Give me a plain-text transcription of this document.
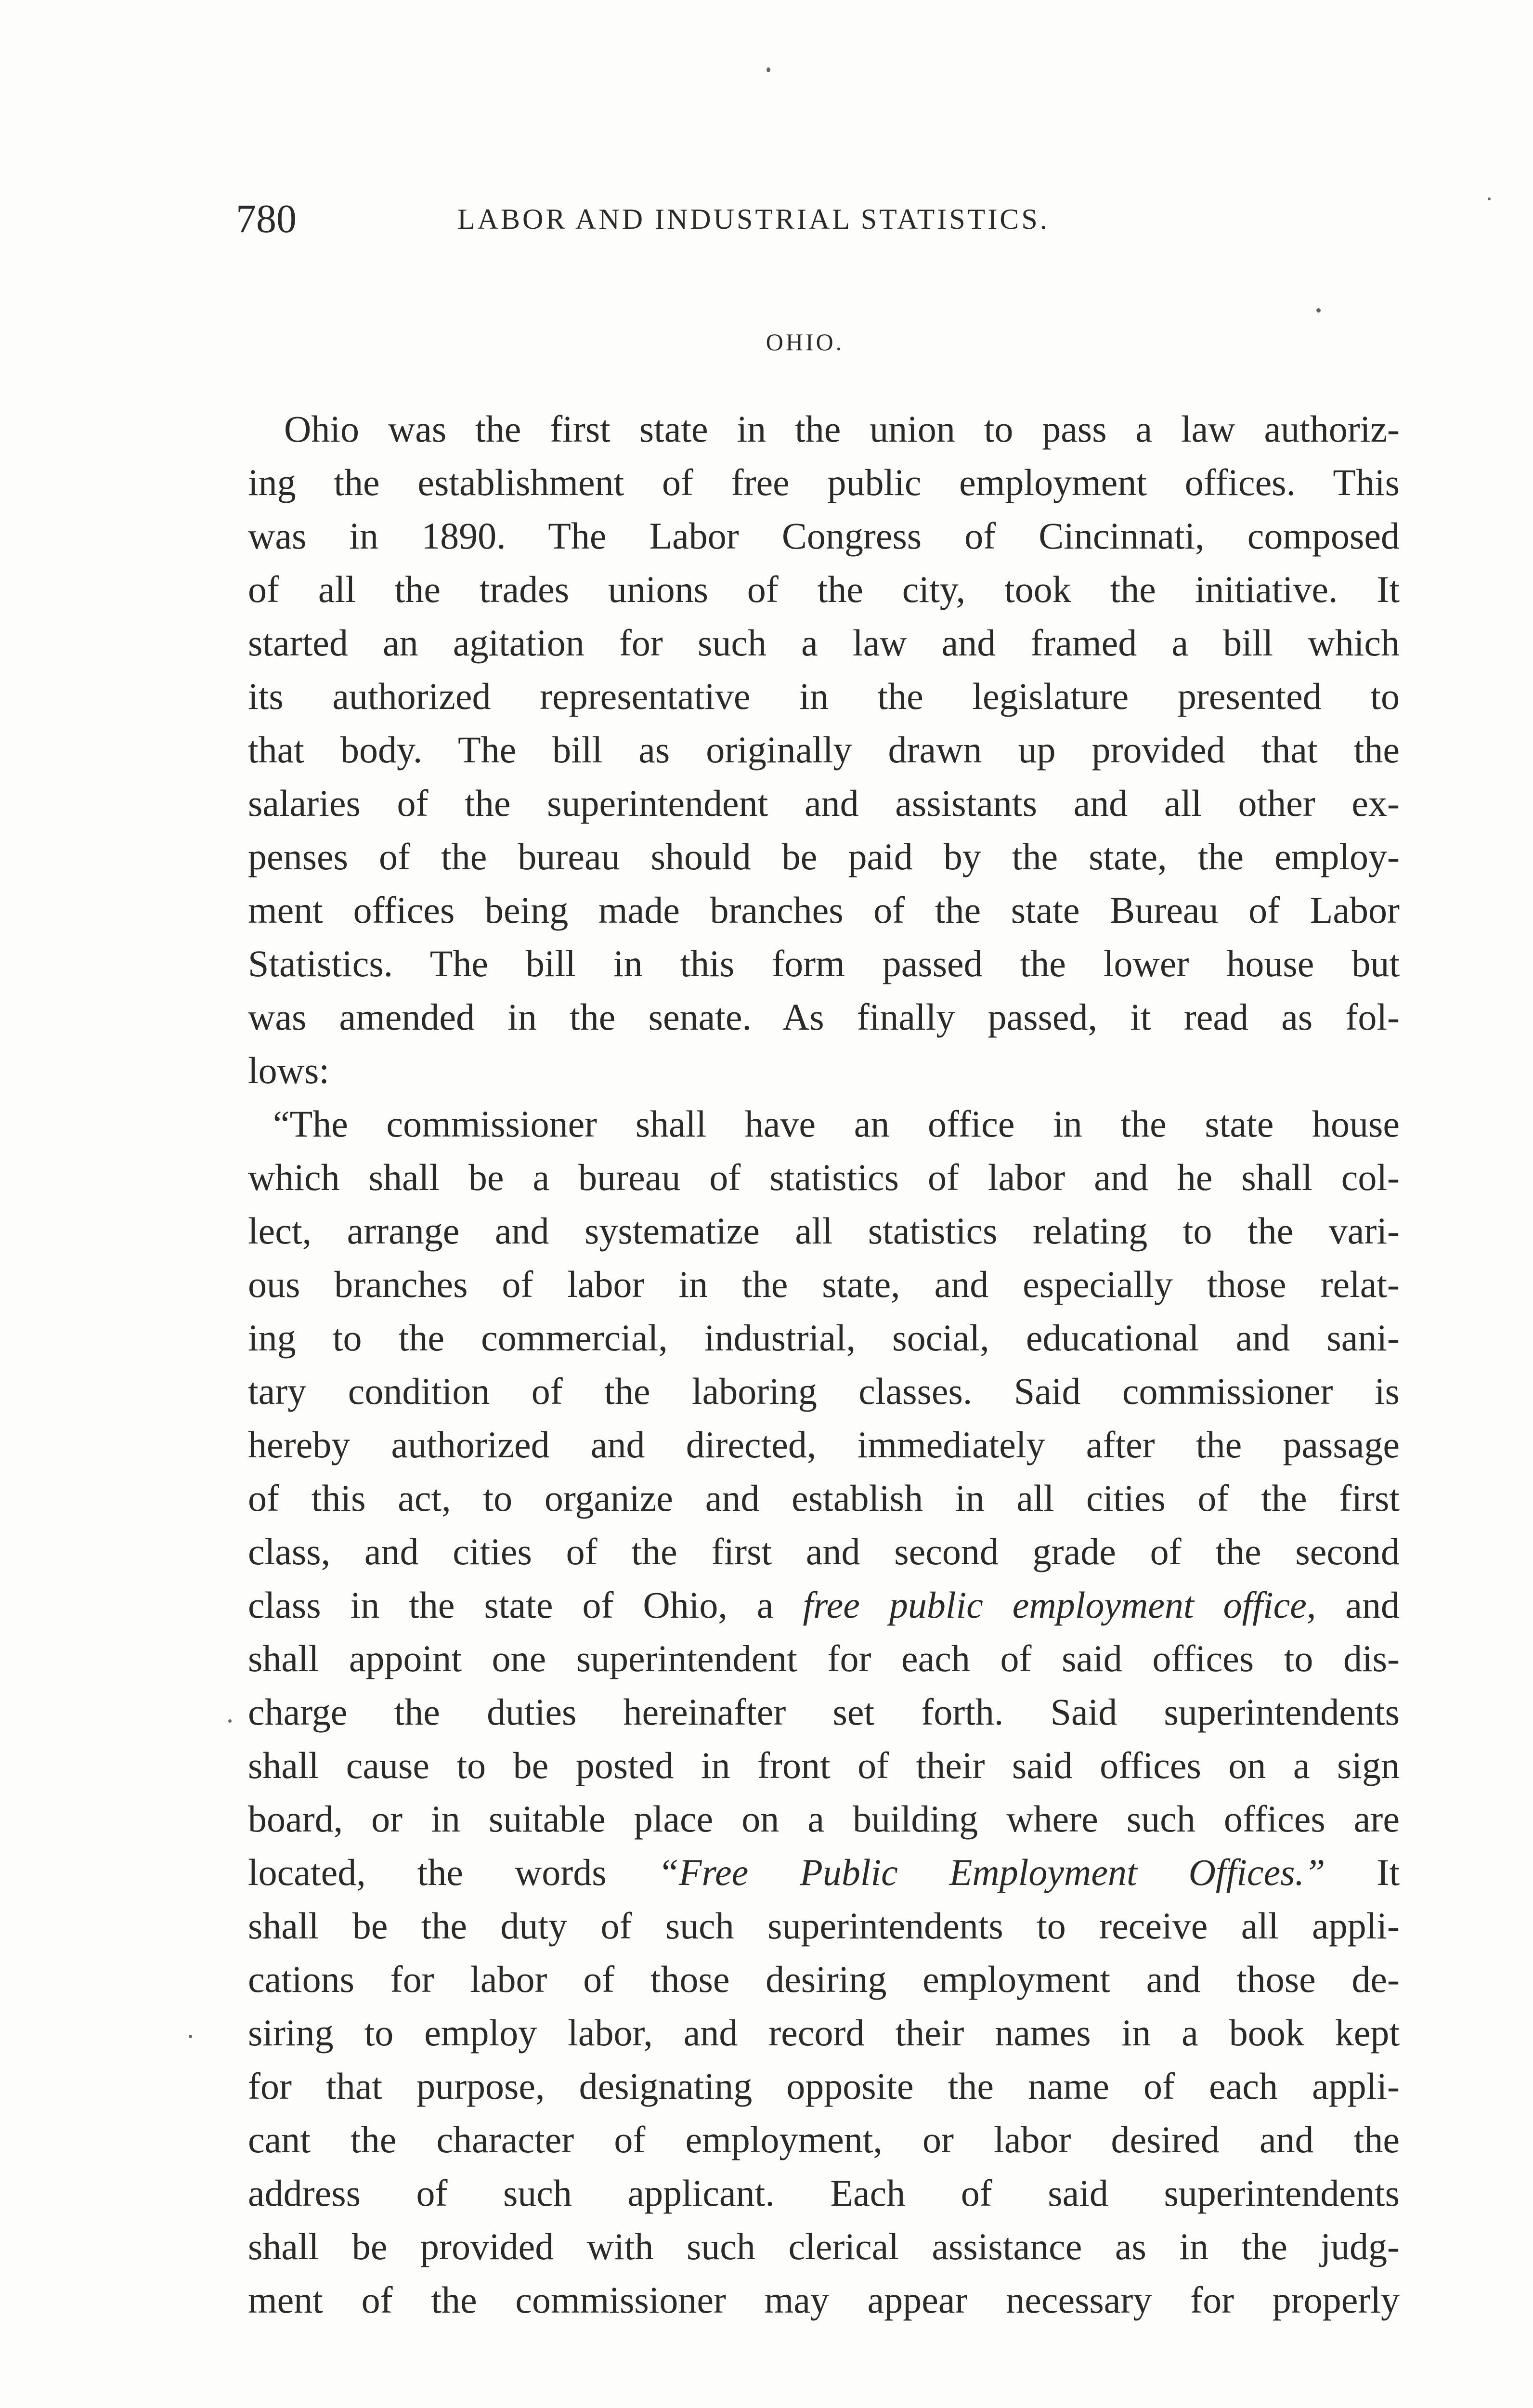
780	LABOR AND INDUSTRIAL STATISTICS.
OHIO.
Ohio was the first state in the union to pass a law authoriz-
ing the establishment of free public employment offices. This
was in 1890. The Labor Congress of Cincinnati, composed
of all the trades unions of the city, took the initiative. It
started an agitation for such a law and framed a bill which
its authorized representative in the legislature presented to
that body. The bill as originally drawn up provided that the
salaries of the superintendent and assistants and all other ex-
penses of the bureau should be paid by the state, the employ-
ment offices being made branches of the state Bureau of Labor
Statistics. The bill in this form passed the lower house but
was amended in the senate. As finally passed, it read as fol-
lows:
“The commissioner shall have an office in the state house
which shall be a bureau of statistics of labor and he shall col-
lect, arrange and systematize all statistics relating to the vari-
ous branches of labor in the state, and especially those relat-
ing to the commercial, industrial, social, educational and sani-
tary condition of the laboring classes. Said commissioner is
hereby authorized and directed, immediately after the passage
of this act, to organize and establish in all cities of the first
class, and cities of the first and second grade of the second
class in the state of Ohio, a free public employment office, and
shall appoint one superintendent for each of said offices to dis-
charge the duties hereinafter set forth. Said superintendents
shall cause to be posted in front of their said offices on a sign
board, or in suitable place on a building where such offices are
located, the words “Free Public Employment Offices.” It
shall be the duty of such superintendents to receive all appli-
cations for labor of those desiring employment and those de-
siring to employ labor, and record their names in a book kept
for that purpose, designating opposite the name of each appli-
cant the character of employment, or labor desired and the
address of such applicant. Each of said superintendents
shall be provided with such clerical assistance as in the judg-
ment of the commissioner may appear necessary for properly
